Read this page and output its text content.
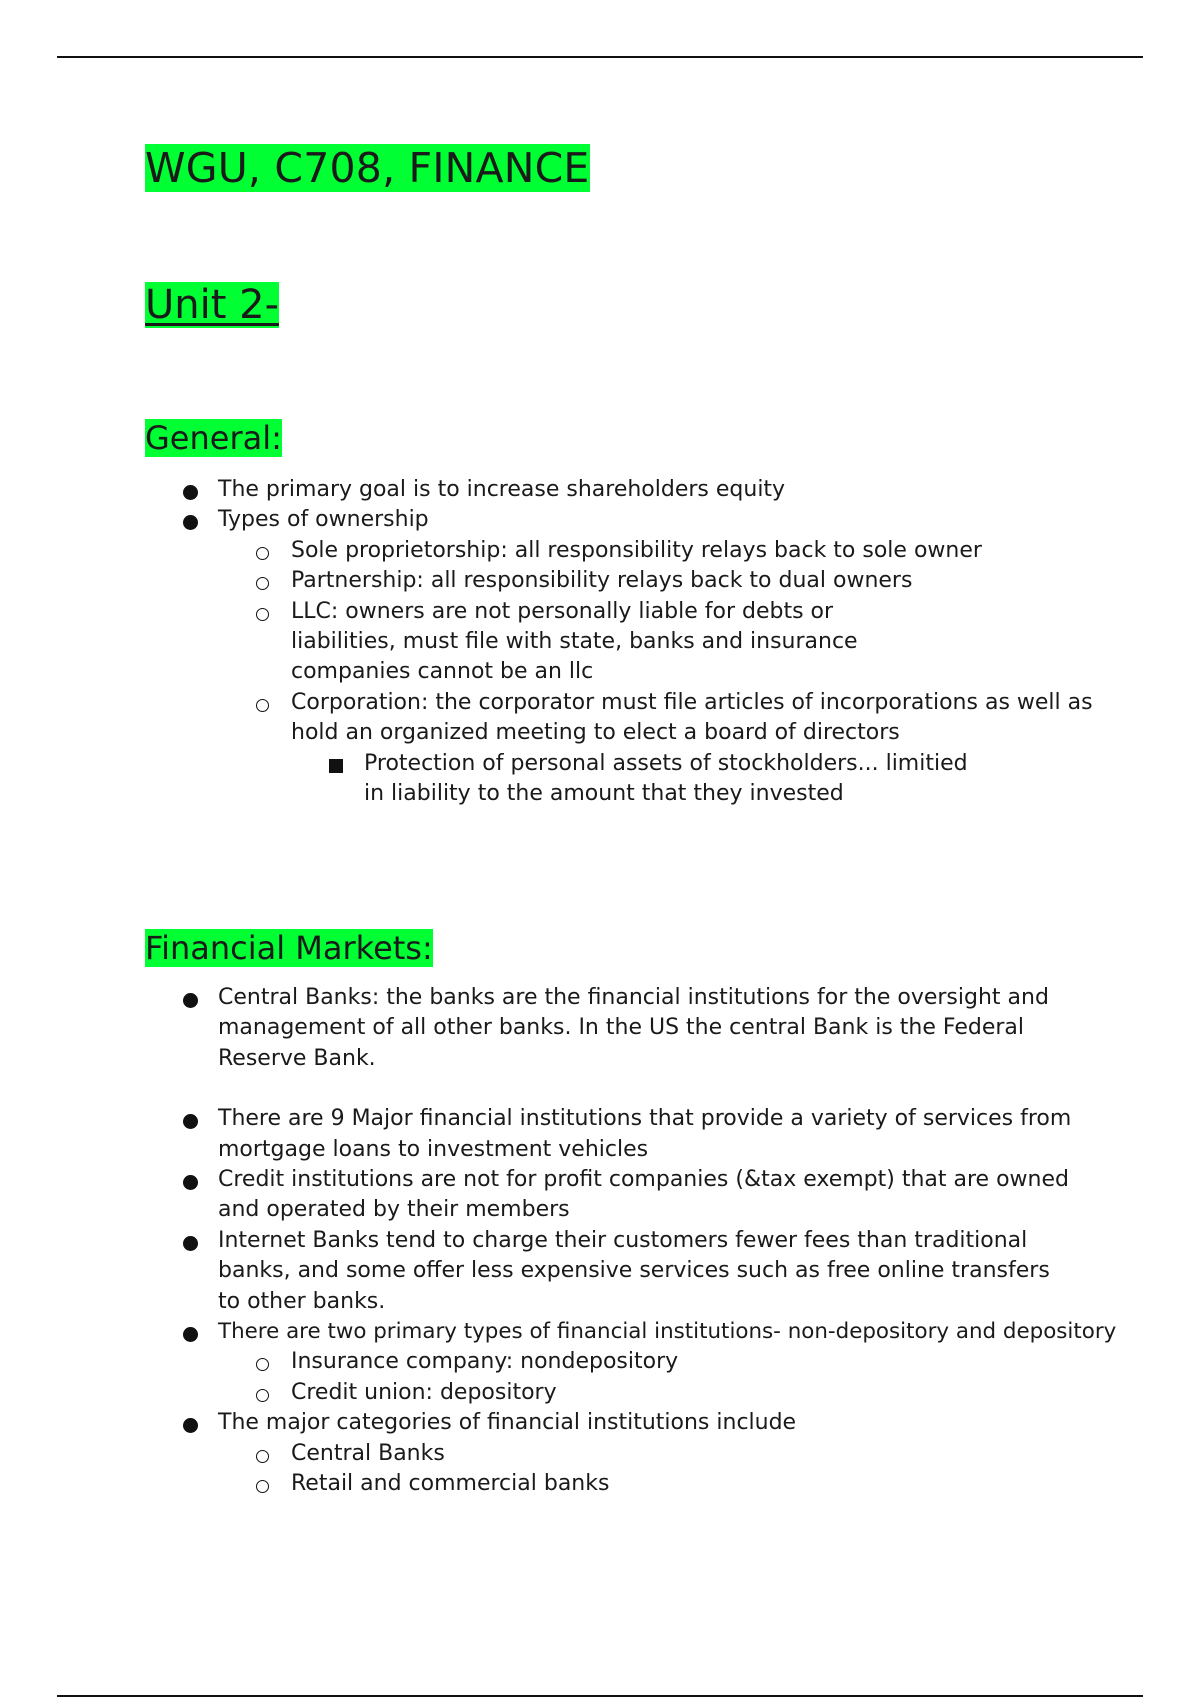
WGU, C708, FINANCE
Unit 2-
General:
The primary goal is to increase shareholders equity
Types of ownership
Sole proprietorship: all responsibility relays back to sole owner
Partnership: all responsibility relays back to dual owners
LLC: owners are not personally liable for debts or liabilities, must file with state, banks and insurance companies cannot be an llc
Corporation: the corporator must file articles of incorporations as well as hold an organized meeting to elect a board of directors
Protection of personal assets of stockholders... limitied in liability to the amount that they invested
Financial Markets:
Central Banks: the banks are the financial institutions for the oversight and management of all other banks. In the US the central Bank is the Federal Reserve Bank.
There are 9 Major financial institutions that provide a variety of services from mortgage loans to investment vehicles
Credit institutions are not for profit companies (&tax exempt) that are owned and operated by their members
Internet Banks tend to charge their customers fewer fees than traditional banks, and some offer less expensive services such as free online transfers to other banks.
There are two primary types of financial institutions- non-depository and depository
Insurance company: nondepository
Credit union: depository
The major categories of financial institutions include
Central Banks
Retail and commercial banks
